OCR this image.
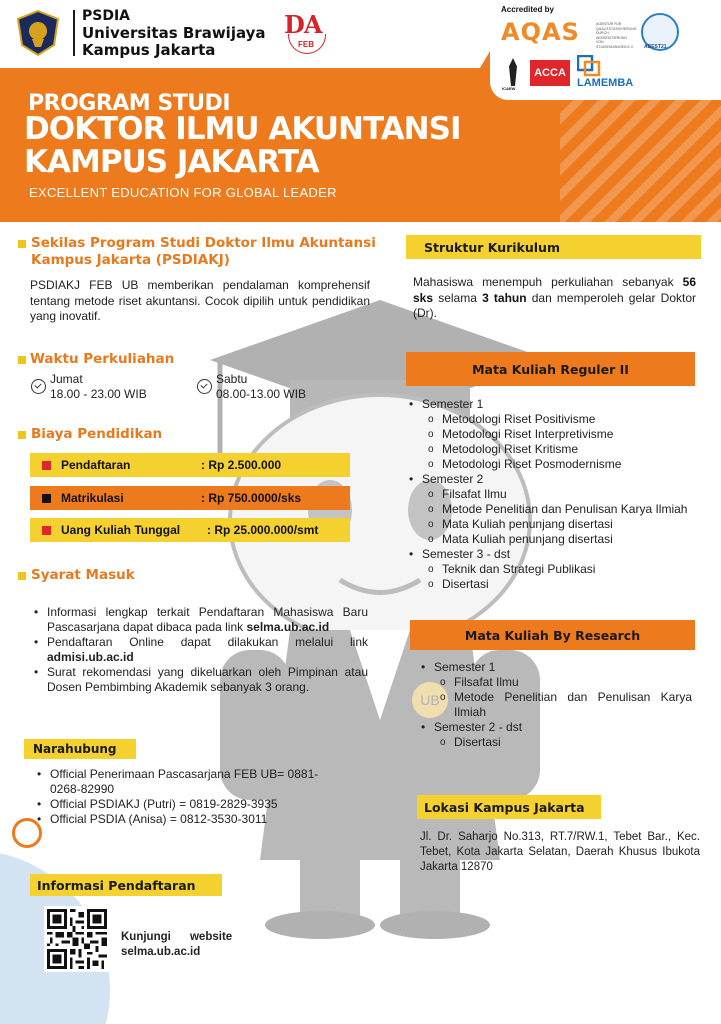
PSDIA
Universitas Brawijaya
Kampus Jakarta
DA
FEB
Accredited by
AQAS	AGENTUR FÜR QUALITÄTSSICHERUNG DURCH AKKREDITIERUNG VON STUDIENGÄNGEN E.V. ABEST21
ICAEW
ACCA
LAMEMBA
PROGRAM STUDI
DOKTOR ILMU AKUNTANSI
KAMPUS JAKARTA
EXCELLENT EDUCATION FOR GLOBAL LEADER
UB
Sekilas Program Studi Doktor Ilmu Akuntansi
Kampus Jakarta (PSDIAKJ)
PSDIAKJ FEB UB memberikan pendalaman komprehensif tentang metode riset akuntansi. Cocok dipilih untuk pendidikan yang inovatif.
Waktu Perkuliahan
Jumat
18.00 - 23.00 WIB
Sabtu
08.00-13.00 WIB
Biaya Pendidikan
Pendaftaran	: Rp 2.500.000
Matrikulasi	: Rp 750.0000/sks
Uang Kuliah Tunggal	: Rp 25.000.000/smt
Syarat Masuk
• Informasi lengkap terkait Pendaftaran Mahasiswa Baru Pascasarjana dapat dibaca pada link selma.ub.ac.id
• Pendaftaran Online dapat dilakukan melalui link admisi.ub.ac.id
• Surat rekomendasi yang dikeluarkan oleh Pimpinan atau Dosen Pembimbing Akademik sebanyak 3 orang.
Narahubung
• Official Penerimaan Pascasarjana FEB UB= 0881-0268-82990
• Official PSDIAKJ (Putri) = 0819-2829-3935
• Official PSDIA (Anisa) = 0812-3530-3011
Informasi Pendaftaran
Kunjungi      website
selma.ub.ac.id
Struktur Kurikulum
Mahasiswa menempuh perkuliahan sebanyak 56 sks selama 3 tahun dan memperoleh gelar Doktor (Dr).
Mata Kuliah Reguler II
• Semester 1
o Metodologi Riset Positivisme
o Metodologi Riset Interpretivisme
o Metodologi Riset Kritisme
o Metodologi Riset Posmodernisme
• Semester 2
o Filsafat Ilmu
o Metode Penelitian dan Penulisan Karya Ilmiah
o Mata Kuliah penunjang disertasi
o Mata Kuliah penunjang disertasi
• Semester 3 - dst
o Teknik dan Strategi Publikasi
o Disertasi
Mata Kuliah By Research
• Semester 1
o Filsafat Ilmu
o Metode Penelitian dan Penulisan Karya Ilmiah
• Semester 2 - dst
o Disertasi
Lokasi Kampus Jakarta
Jl. Dr. Saharjo No.313, RT.7/RW.1, Tebet Bar., Kec. Tebet, Kota Jakarta Selatan, Daerah Khusus Ibukota Jakarta 12870
